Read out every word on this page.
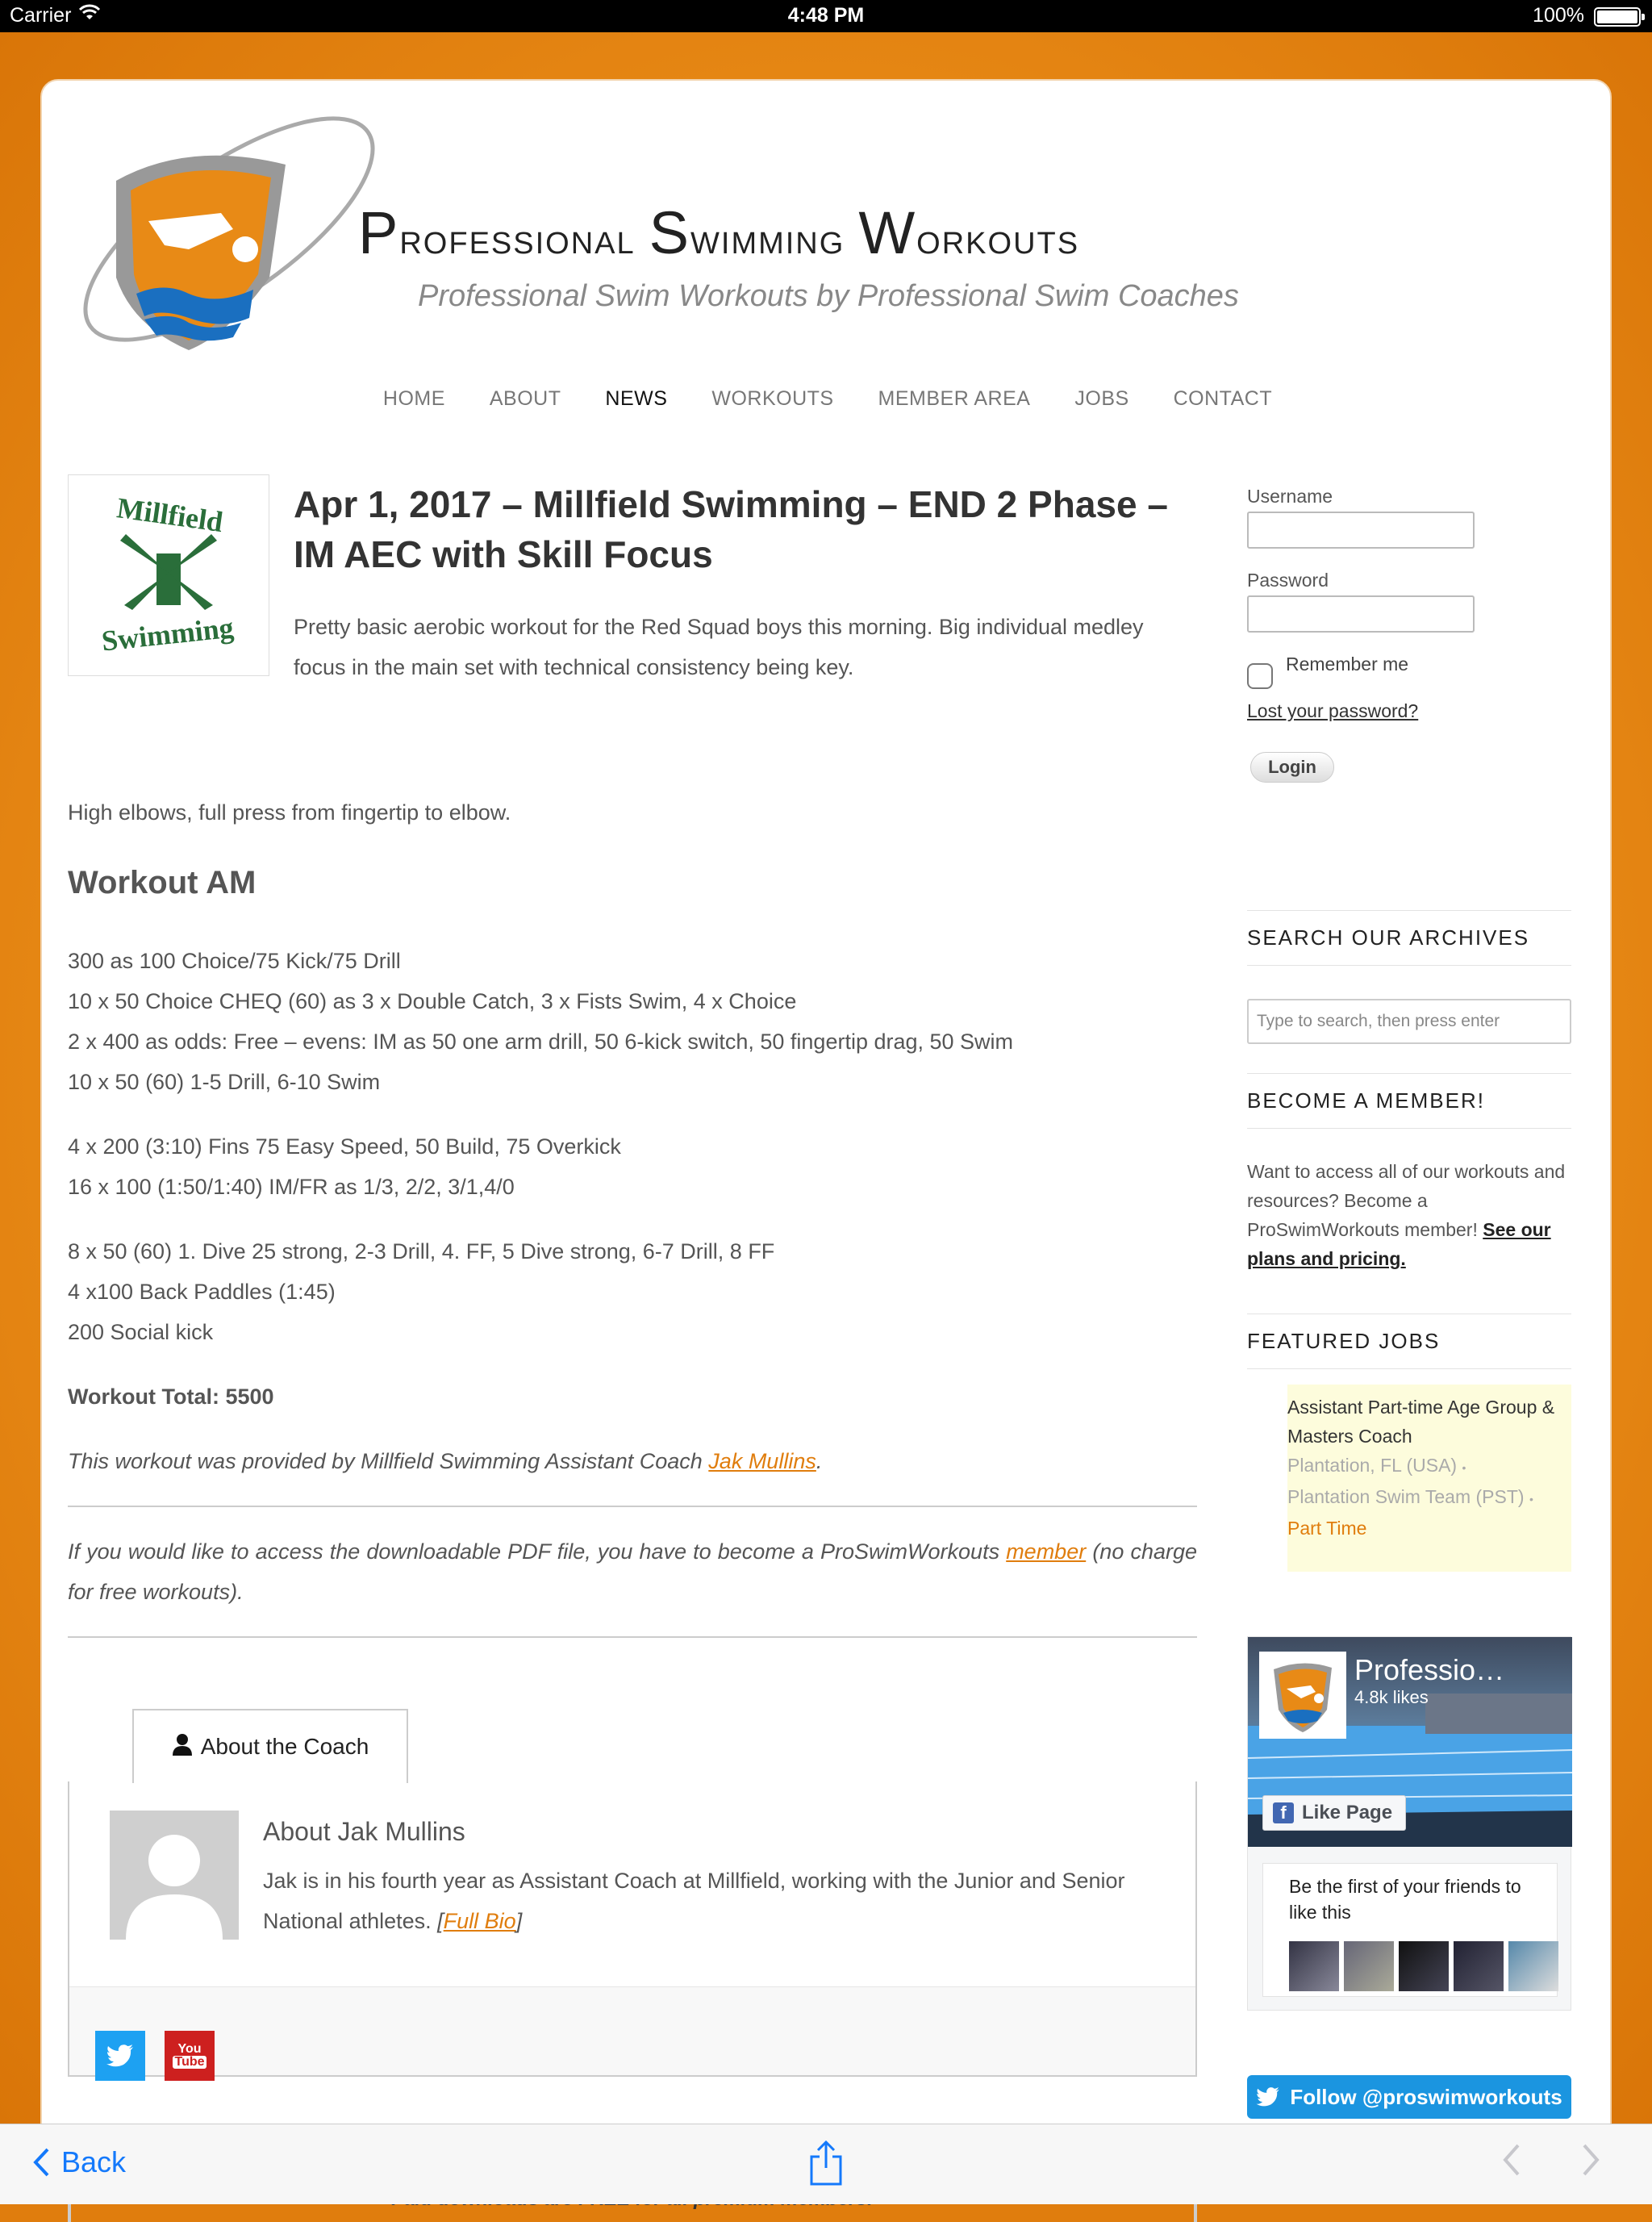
Carrier	4:48 PM	100%
Professional Swimming Workouts
Professional Swim Workouts by Professional Swim Coaches
HOME ABOUT NEWS WORKOUTS MEMBER AREA JOBS CONTACT
Millfield
Swimming
Apr 1, 2017 – Millfield Swimming – END 2 Phase – IM AEC with Skill Focus

Pretty basic aerobic workout for the Red Squad boys this morning. Big individual medley focus in the main set with technical consistency being key.

High elbows, full press from fingertip to elbow.

Workout AM
300 as 100 Choice/75 Kick/75 Drill
10 x 50 Choice CHEQ (60) as 3 x Double Catch, 3 x Fists Swim, 4 x Choice
2 x 400 as odds: Free – evens: IM as 50 one arm drill, 50 6-kick switch, 50 fingertip drag, 50 Swim
10 x 50 (60) 1-5 Drill, 6-10 Swim
4 x 200 (3:10) Fins 75 Easy Speed, 50 Build, 75 Overkick
16 x 100 (1:50/1:40) IM/FR as 1/3, 2/2, 3/1,4/0
8 x 50 (60) 1. Dive 25 strong, 2-3 Drill, 4. FF, 5 Dive strong, 6-7 Drill, 8 FF
4 x100 Back Paddles (1:45)
200 Social kick

Workout Total: 5500

This workout was provided by Millfield Swimming Assistant Coach Jak Mullins.

If you would like to access the downloadable PDF file, you have to become a ProSwimWorkouts member (no charge for free workouts).

About the Coach
About Jak Mullins
Jak is in his fourth year as Assistant Coach at Millfield, working with the Junior and Senior National athletes. [Full Bio]
You
Tube
Username
Password
Remember me
Lost your password?
Login
SEARCH OUR ARCHIVES
Type to search, then press enter
BECOME A MEMBER!
Want to access all of our workouts and resources? Become a ProSwimWorkouts member! See our plans and pricing.
FEATURED JOBS
Assistant Part-time Age Group & Masters Coach
Plantation, FL (USA) •
Plantation Swim Team (PST) •
Part Time
Professio…
4.8k likes
f Like Page
Be the first of your friends to like this
Follow @proswimworkouts
Back
